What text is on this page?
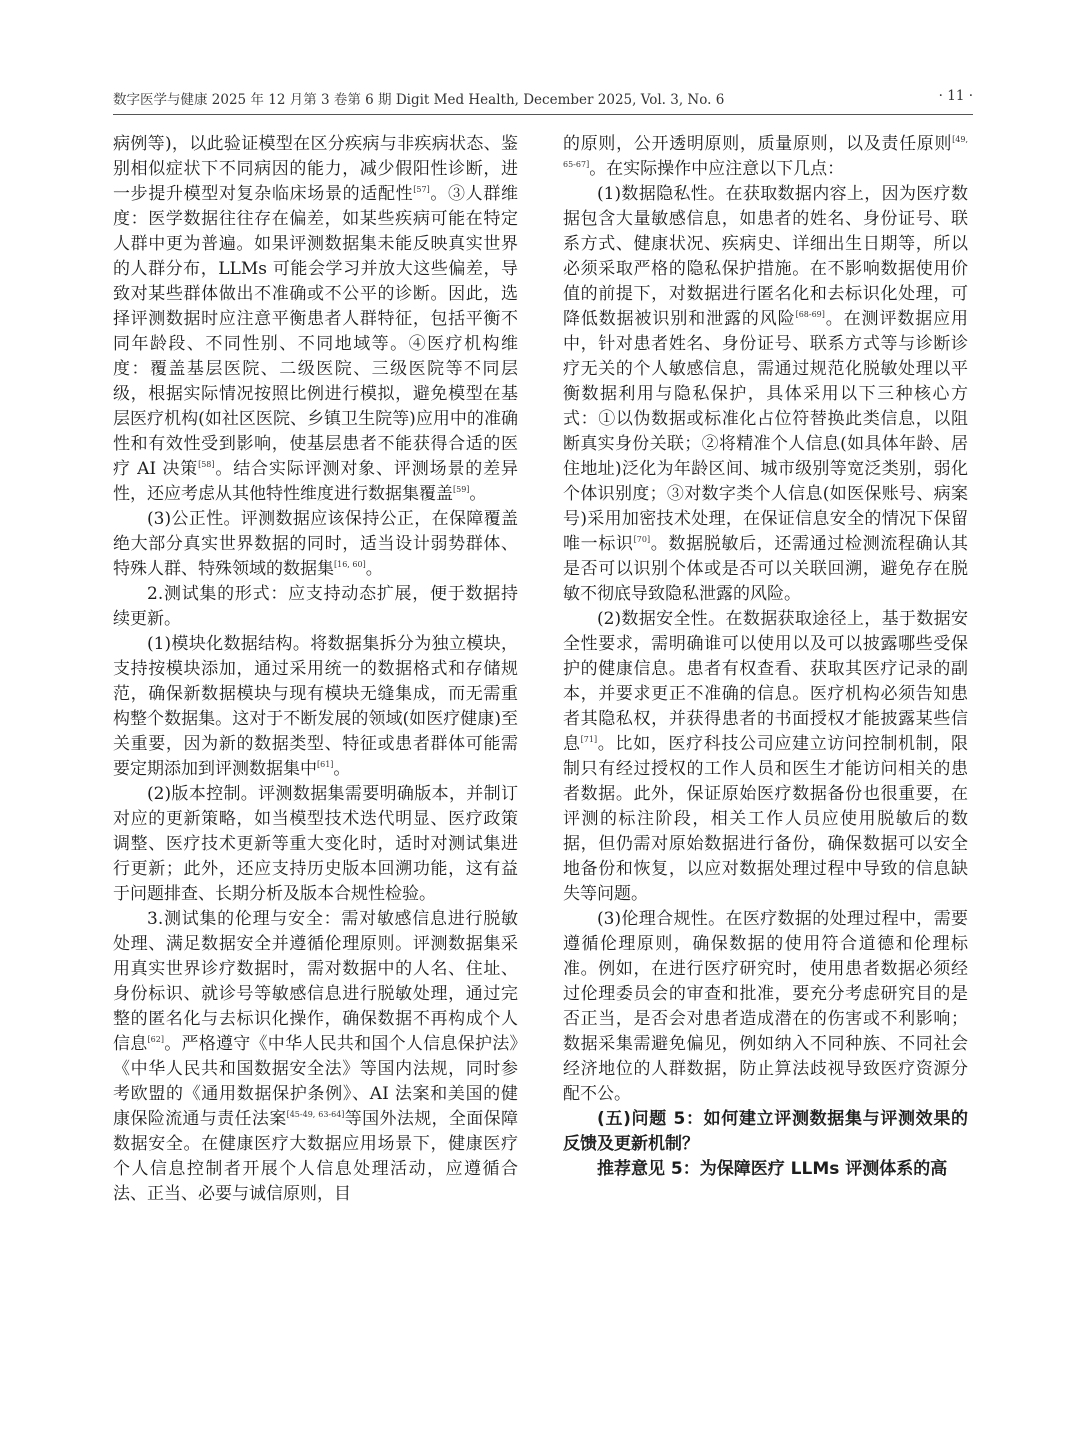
数字医学与健康 2025 年 12 月第 3 卷第 6 期 Digit Med Health, December 2025, Vol. 3, No. 6	· 11 ·

病例等)，以此验证模型在区分疾病与非疾病状态、鉴别相似症状下不同病因的能力，减少假阳性诊断，进一步提升模型对复杂临床场景的适配性[57]。③人群维度：医学数据往往存在偏差，如某些疾病可能在特定人群中更为普遍。如果评测数据集未能反映真实世界的人群分布，LLMs 可能会学习并放大这些偏差，导致对某些群体做出不准确或不公平的诊断。因此，选择评测数据时应注意平衡患者人群特征，包括平衡不同年龄段、不同性别、不同地域等。④医疗机构维度：覆盖基层医院、二级医院、三级医院等不同层级，根据实际情况按照比例进行模拟，避免模型在基层医疗机构(如社区医院、乡镇卫生院等)应用中的准确性和有效性受到影响，使基层患者不能获得合适的医疗 AI 决策[58]。结合实际评测对象、评测场景的差异性，还应考虑从其他特性维度进行数据集覆盖[59]。

(3)公正性。评测数据应该保持公正，在保障覆盖绝大部分真实世界数据的同时，适当设计弱势群体、特殊人群、特殊领域的数据集[16, 60]。

2.测试集的形式：应支持动态扩展，便于数据持续更新。

(1)模块化数据结构。将数据集拆分为独立模块，支持按模块添加，通过采用统一的数据格式和存储规范，确保新数据模块与现有模块无缝集成，而无需重构整个数据集。这对于不断发展的领域(如医疗健康)至关重要，因为新的数据类型、特征或患者群体可能需要定期添加到评测数据集中[61]。

(2)版本控制。评测数据集需要明确版本，并制订对应的更新策略，如当模型技术迭代明显、医疗政策调整、医疗技术更新等重大变化时，适时对测试集进行更新；此外，还应支持历史版本回溯功能，这有益于问题排查、长期分析及版本合规性检验。

3.测试集的伦理与安全：需对敏感信息进行脱敏处理、满足数据安全并遵循伦理原则。评测数据集采用真实世界诊疗数据时，需对数据中的人名、住址、身份标识、就诊号等敏感信息进行脱敏处理，通过完整的匿名化与去标识化操作，确保数据不再构成个人信息[62]。严格遵守《中华人民共和国个人信息保护法》《中华人民共和国数据安全法》等国内法规，同时参考欧盟的《通用数据保护条例》、AI 法案和美国的健康保险流通与责任法案[45-49, 63-64]等国外法规，全面保障数据安全。在健康医疗大数据应用场景下，健康医疗个人信息控制者开展个人信息处理活动，应遵循合法、正当、必要与诚信原则，目

的原则，公开透明原则，质量原则，以及责任原则[49, 65-67]。在实际操作中应注意以下几点：

(1)数据隐私性。在获取数据内容上，因为医疗数据包含大量敏感信息，如患者的姓名、身份证号、联系方式、健康状况、疾病史、详细出生日期等，所以必须采取严格的隐私保护措施。在不影响数据使用价值的前提下，对数据进行匿名化和去标识化处理，可降低数据被识别和泄露的风险[68-69]。在测评数据应用中，针对患者姓名、身份证号、联系方式等与诊断诊疗无关的个人敏感信息，需通过规范化脱敏处理以平衡数据利用与隐私保护，具体采用以下三种核心方式：①以伪数据或标准化占位符替换此类信息，以阻断真实身份关联；②将精准个人信息(如具体年龄、居住地址)泛化为年龄区间、城市级别等宽泛类别，弱化个体识别度；③对数字类个人信息(如医保账号、病案号)采用加密技术处理，在保证信息安全的情况下保留唯一标识[70]。数据脱敏后，还需通过检测流程确认其是否可以识别个体或是否可以关联回溯，避免存在脱敏不彻底导致隐私泄露的风险。

(2)数据安全性。在数据获取途径上，基于数据安全性要求，需明确谁可以使用以及可以披露哪些受保护的健康信息。患者有权查看、获取其医疗记录的副本，并要求更正不准确的信息。医疗机构必须告知患者其隐私权，并获得患者的书面授权才能披露某些信息[71]。比如，医疗科技公司应建立访问控制机制，限制只有经过授权的工作人员和医生才能访问相关的患者数据。此外，保证原始医疗数据备份也很重要，在评测的标注阶段，相关工作人员应使用脱敏后的数据，但仍需对原始数据进行备份，确保数据可以安全地备份和恢复，以应对数据处理过程中导致的信息缺失等问题。

(3)伦理合规性。在医疗数据的处理过程中，需要遵循伦理原则，确保数据的使用符合道德和伦理标准。例如，在进行医疗研究时，使用患者数据必须经过伦理委员会的审查和批准，要充分考虑研究目的是否正当，是否会对患者造成潜在的伤害或不利影响；数据采集需避免偏见，例如纳入不同种族、不同社会经济地位的人群数据，防止算法歧视导致医疗资源分配不公。

(五)问题 5：如何建立评测数据集与评测效果的反馈及更新机制？

推荐意见 5：为保障医疗 LLMs 评测体系的高
